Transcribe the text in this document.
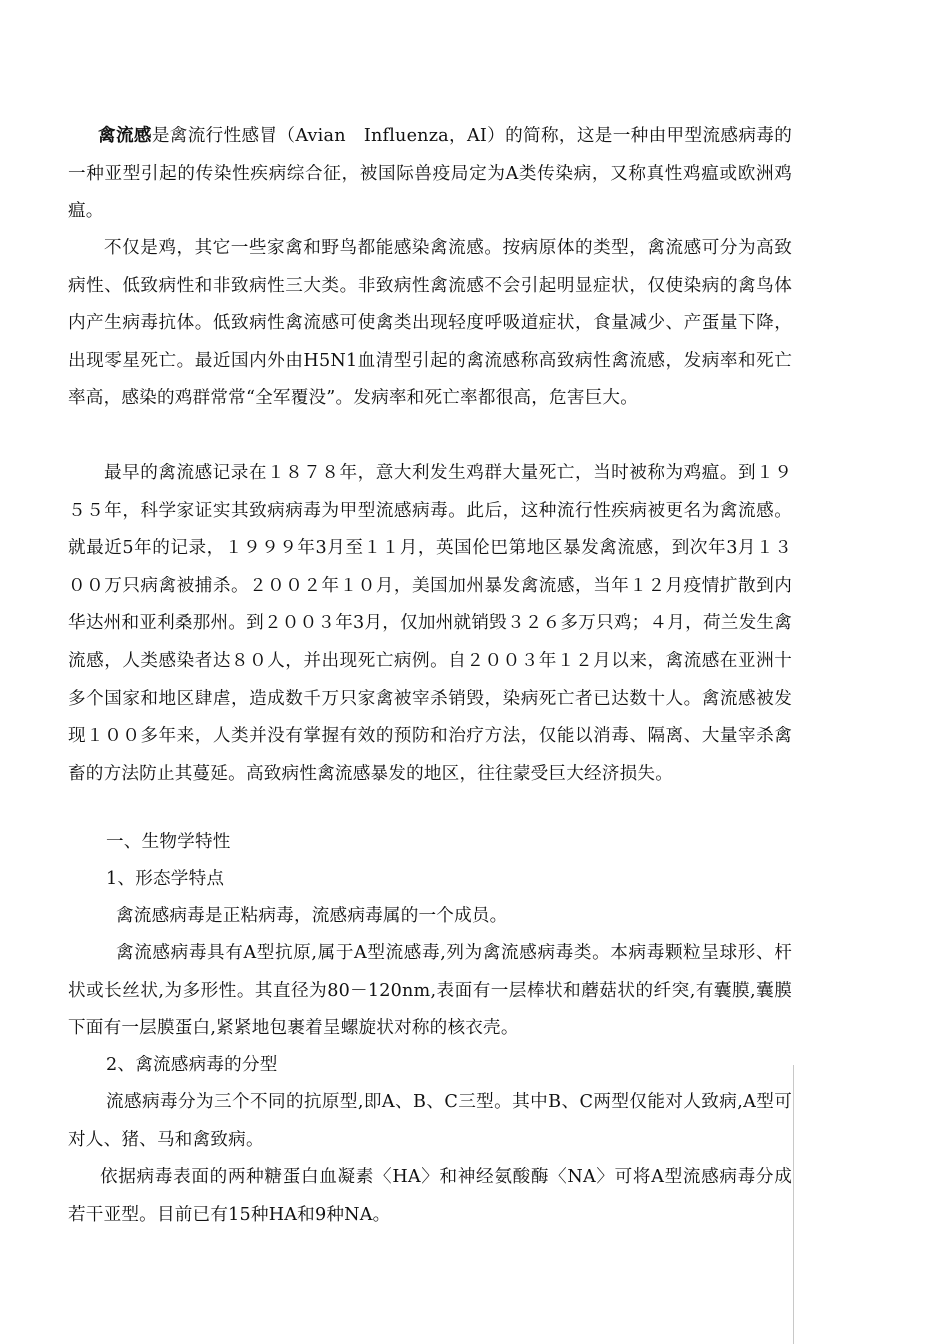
禽流感是禽流行性感冒（Avian　Influenza，AI）的简称，这是一种由甲型流感病毒的一种亚型引起的传染性疾病综合征，被国际兽疫局定为A类传染病，又称真性鸡瘟或欧洲鸡瘟。

不仅是鸡，其它一些家禽和野鸟都能感染禽流感。按病原体的类型，禽流感可分为高致病性、低致病性和非致病性三大类。非致病性禽流感不会引起明显症状，仅使染病的禽鸟体内产生病毒抗体。低致病性禽流感可使禽类出现轻度呼吸道症状，食量减少、产蛋量下降，出现零星死亡。最近国内外由H5N1血清型引起的禽流感称高致病性禽流感，发病率和死亡率高，感染的鸡群常常“全军覆没”。发病率和死亡率都很高，危害巨大。

最早的禽流感记录在１８７８年，意大利发生鸡群大量死亡，当时被称为鸡瘟。到１９５５年，科学家证实其致病病毒为甲型流感病毒。此后，这种流行性疾病被更名为禽流感。就最近5年的记录，１９９９年3月至１１月，英国伦巴第地区暴发禽流感，到次年3月１３００万只病禽被捕杀。２００２年１０月，美国加州暴发禽流感，当年１２月疫情扩散到内华达州和亚利桑那州。到２００３年3月，仅加州就销毁３２６多万只鸡；４月，荷兰发生禽流感，人类感染者达８０人，并出现死亡病例。自２００３年１２月以来，禽流感在亚洲十多个国家和地区肆虐，造成数千万只家禽被宰杀销毁，染病死亡者已达数十人。禽流感被发现１００多年来，人类并没有掌握有效的预防和治疗方法，仅能以消毒、隔离、大量宰杀禽畜的方法防止其蔓延。高致病性禽流感暴发的地区，往往蒙受巨大经济损失。

一、生物学特性

1、形态学特点

禽流感病毒是正粘病毒，流感病毒属的一个成员。

禽流感病毒具有A型抗原,属于A型流感毒,列为禽流感病毒类。本病毒颗粒呈球形、杆状或长丝状,为多形性。其直径为80－120nm,表面有一层棒状和蘑菇状的纤突,有囊膜,囊膜下面有一层膜蛋白,紧紧地包裹着呈螺旋状对称的核衣壳。

2、禽流感病毒的分型

流感病毒分为三个不同的抗原型,即A、B、C三型。其中B、C两型仅能对人致病,A型可对人、猪、马和禽致病。

依据病毒表面的两种糖蛋白血凝素〈HA〉和神经氨酸酶〈NA〉可将A型流感病毒分成若干亚型。目前已有15种HA和9种NA。
